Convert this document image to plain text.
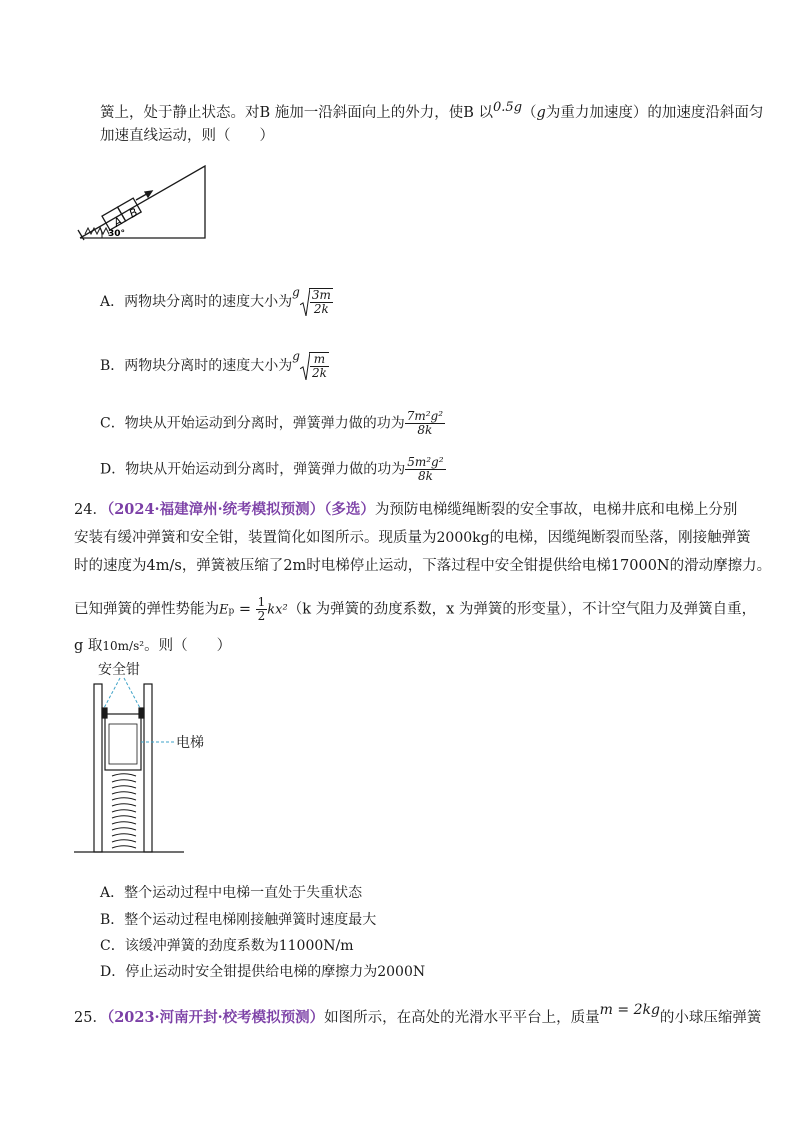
簧上，处于静止状态。对B 施加一沿斜面向上的外力，使B 以0.5g（g为重力加速度）的加速度沿斜面匀
加速直线运动，则（　　）
A
B
30°
A．两物块分离时的速度大小为g $\frac{3m}{2k}$
B．两物块分离时的速度大小为g $\frac{m}{2k}$
C．物块从开始运动到分离时，弹簧弹力做的功为 $\frac{\text{7m²g²}}{8k}$
D．物块从开始运动到分离时，弹簧弹力做的功为 $\frac{\text{5m²g²}}{8k}$
24．（2024·福建漳州·统考模拟预测）（多选）为预防电梯缆绳断裂的安全事故，电梯井底和电梯上分别
安装有缓冲弹簧和安全钳，装置简化如图所示。现质量为2000kg的电梯，因缆绳断裂而坠落，刚接触弹簧
时的速度为4m/s，弹簧被压缩了2m时电梯停止运动，下落过程中安全钳提供给电梯17000N的滑动摩擦力。
已知弹簧的弹性势能为$Ep = \frac{1}{2} kx^2(k$ 为弹簧的劲度系数，x 为弹簧的形变量），不计空气阻力及弹簧自重，
g 取10m/s²。则（　　）
安全钳
电梯
A．整个运动过程中电梯一直处于失重状态
B．整个运动过程电梯刚接触弹簧时速度最大
C．该缓冲弹簧的劲度系数为11000N/m
D．停止运动时安全钳提供给电梯的摩擦力为2000N
25．（2023·河南开封·校考模拟预测）如图所示，在高处的光滑水平平台上，质量m = 2kg的小球压缩弹簧
